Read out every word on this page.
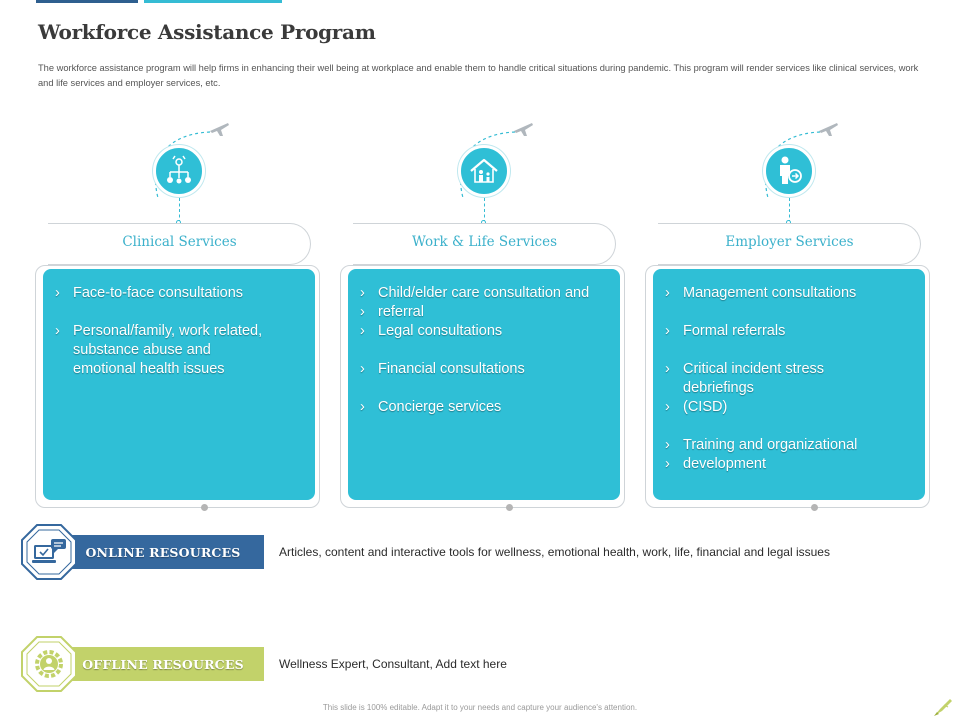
Workforce Assistance Program
The workforce assistance program will help firms in enhancing their well being at workplace and enable them to handle critical situations during pandemic. This program will render services like clinical services, work and life services and employer services, etc.
Clinical Services
› Face-to-face consultations
› Personal/family, work related,
substance abuse and
emotional health issues
Work & Life Services
› Child/elder care consultation and
› referral
› Legal consultations
› Financial consultations
› Concierge services
Employer Services
› Management consultations
› Formal referrals
› Critical incident stress
debriefings
› (CISD)
› Training and organizational
› development
ONLINE RESOURCES	Articles, content and interactive tools for wellness, emotional health, work, life, financial and legal issues
OFFLINE RESOURCES	Wellness Expert, Consultant, Add text here
This slide is 100% editable. Adapt it to your needs and capture your audience's attention.
